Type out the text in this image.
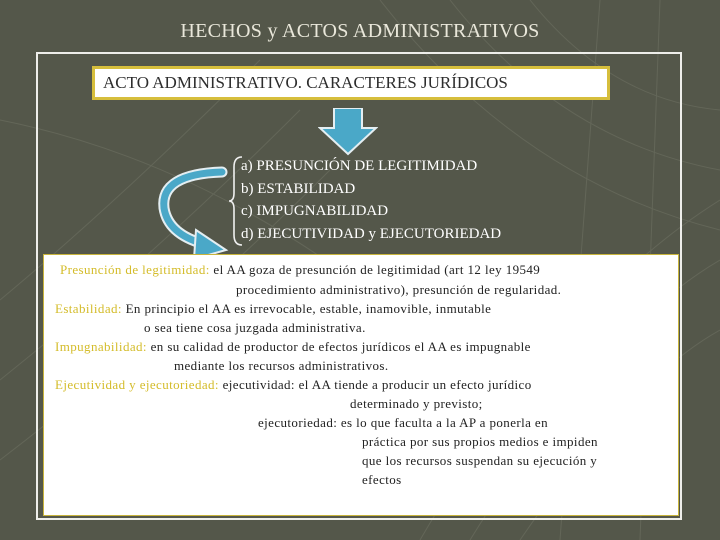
HECHOS y ACTOS ADMINISTRATIVOS
ACTO ADMINISTRATIVO. CARACTERES JURÍDICOS
a) PRESUNCIÓN DE LEGITIMIDAD
b) ESTABILIDAD
c) IMPUGNABILIDAD
d) EJECUTIVIDAD y EJECUTORIEDAD

Presunción de legitimidad: el AA goza de presunción de legitimidad (art 12 ley 19549

procedimiento administrativo), presunción de regularidad.

Estabilidad: En principio el AA es irrevocable, estable, inamovible, inmutable

o sea tiene cosa juzgada administrativa.

Impugnabilidad: en su calidad de productor de efectos jurídicos el AA es impugnable

mediante los recursos administrativos.

Ejecutividad y ejecutoriedad: ejecutividad: el AA tiende a producir un efecto jurídico

determinado y previsto;

ejecutoriedad: es lo que faculta a la AP a ponerla en

práctica por sus propios medios e impiden

que los recursos suspendan su ejecución y

efectos
